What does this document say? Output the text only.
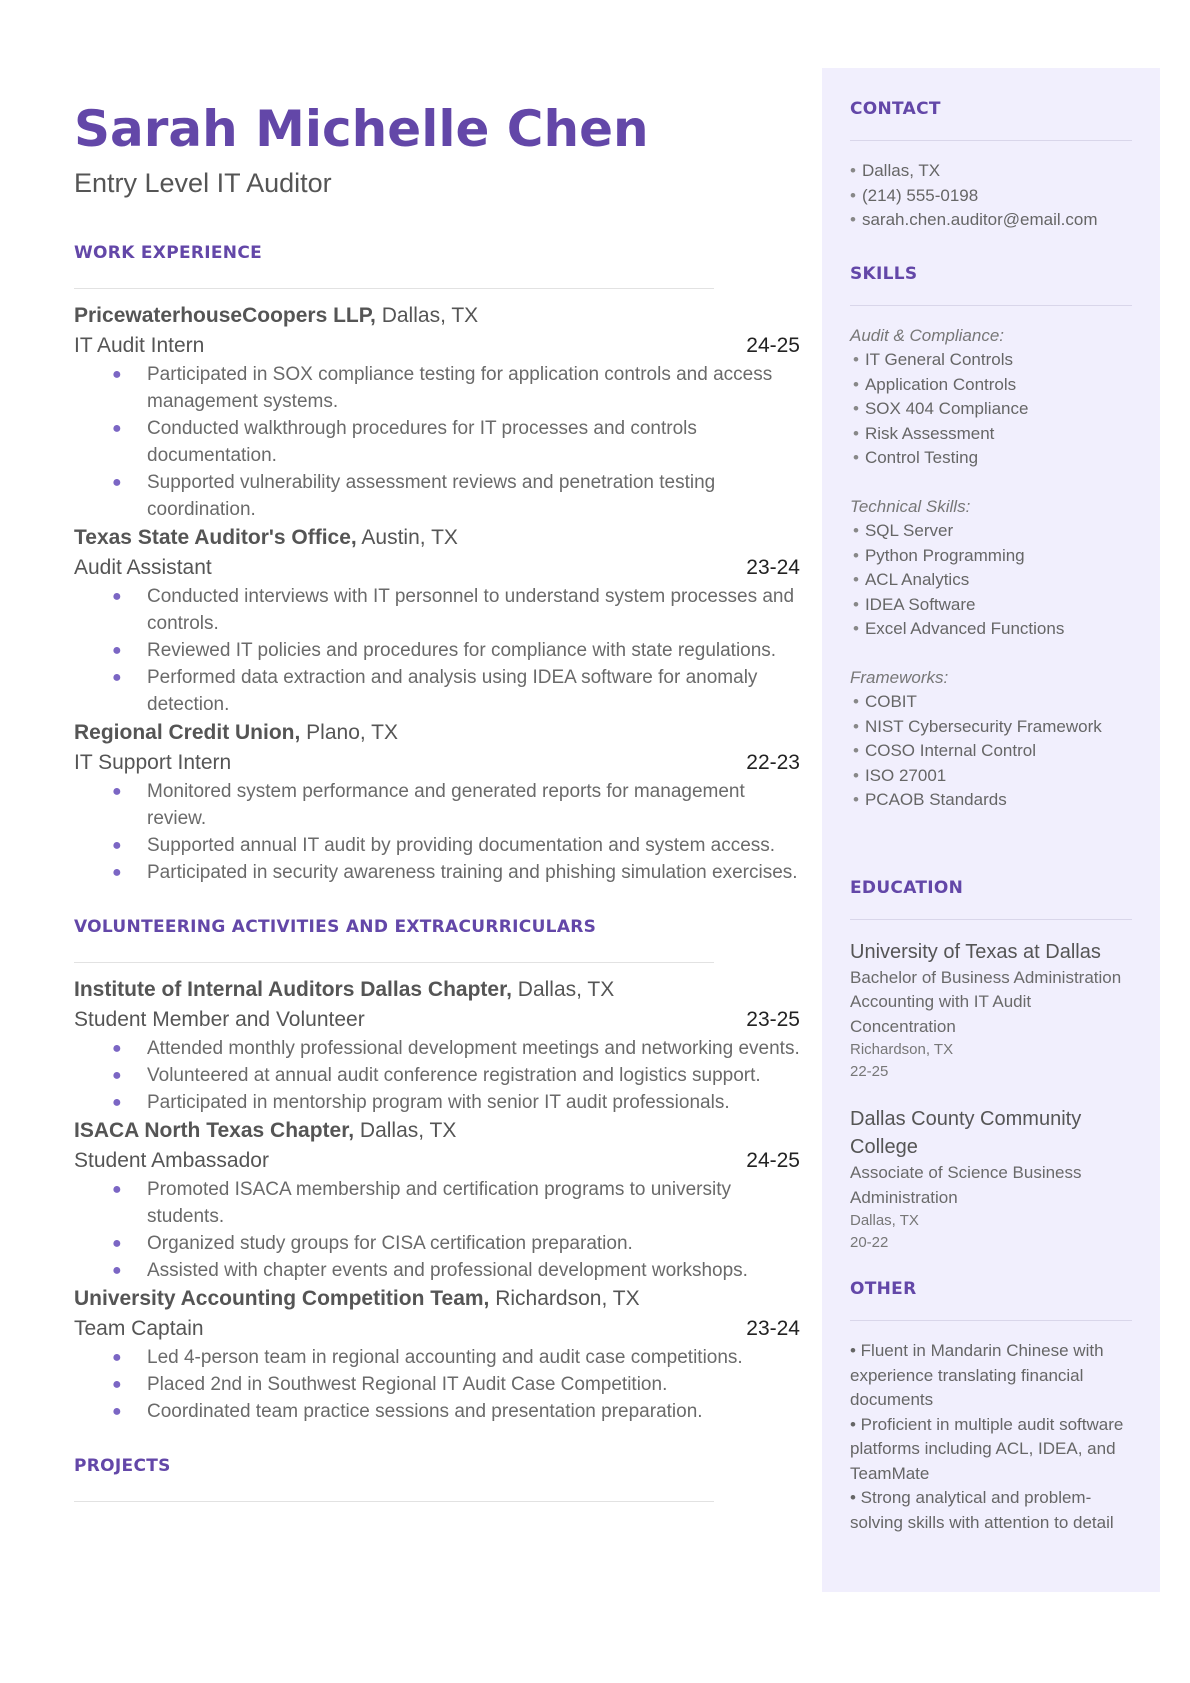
Sarah Michelle Chen
Entry Level IT Auditor
WORK EXPERIENCE
PricewaterhouseCoopers LLP, Dallas, TX
IT Audit Intern	24-25
● Participated in SOX compliance testing for application controls and access management systems.
● Conducted walkthrough procedures for IT processes and controls documentation.
● Supported vulnerability assessment reviews and penetration testing coordination.
Texas State Auditor's Office, Austin, TX
Audit Assistant	23-24
● Conducted interviews with IT personnel to understand system processes and controls.
● Reviewed IT policies and procedures for compliance with state regulations.
● Performed data extraction and analysis using IDEA software for anomaly detection.
Regional Credit Union, Plano, TX
IT Support Intern	22-23
● Monitored system performance and generated reports for management review.
● Supported annual IT audit by providing documentation and system access.
● Participated in security awareness training and phishing simulation exercises.
VOLUNTEERING ACTIVITIES AND EXTRACURRICULARS
Institute of Internal Auditors Dallas Chapter, Dallas, TX
Student Member and Volunteer	23-25
● Attended monthly professional development meetings and networking events.
● Volunteered at annual audit conference registration and logistics support.
● Participated in mentorship program with senior IT audit professionals.
ISACA North Texas Chapter, Dallas, TX
Student Ambassador	24-25
● Promoted ISACA membership and certification programs to university students.
● Organized study groups for CISA certification preparation.
● Assisted with chapter events and professional development workshops.
University Accounting Competition Team, Richardson, TX
Team Captain	23-24
● Led 4-person team in regional accounting and audit case competitions.
● Placed 2nd in Southwest Regional IT Audit Case Competition.
● Coordinated team practice sessions and presentation preparation.
PROJECTS
CONTACT
• Dallas, TX
• (214) 555-0198
• sarah.chen.auditor@email.com
SKILLS
Audit & Compliance:
• IT General Controls
• Application Controls
• SOX 404 Compliance
• Risk Assessment
• Control Testing
Technical Skills:
• SQL Server
• Python Programming
• ACL Analytics
• IDEA Software
• Excel Advanced Functions
Frameworks:
• COBIT
• NIST Cybersecurity Framework
• COSO Internal Control
• ISO 27001
• PCAOB Standards
EDUCATION
University of Texas at Dallas
Bachelor of Business Administration Accounting with IT Audit Concentration
Richardson, TX
22-25
Dallas County Community College
Associate of Science Business Administration
Dallas, TX
20-22
OTHER
• Fluent in Mandarin Chinese with experience translating financial documents
• Proficient in multiple audit software platforms including ACL, IDEA, and TeamMate
• Strong analytical and problem-solving skills with attention to detail
